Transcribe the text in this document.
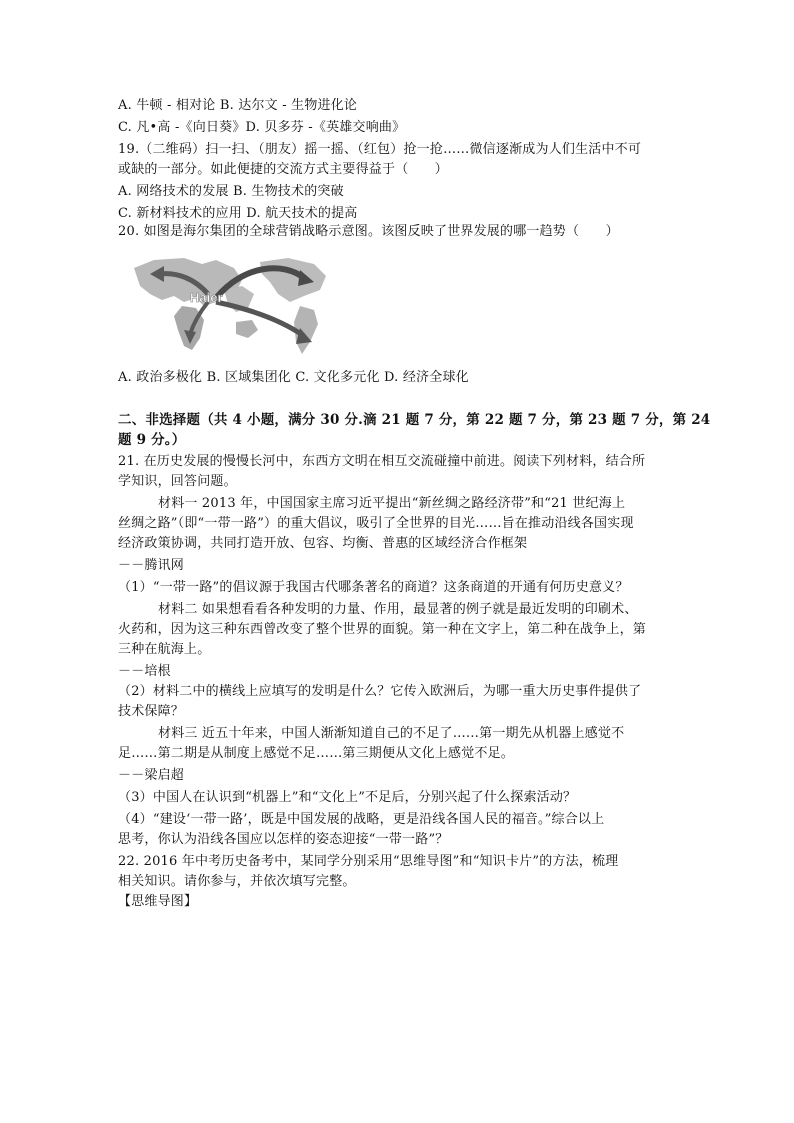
A. 牛顿 - 相对论 B. 达尔文 - 生物进化论
C. 凡•高 -《向日葵》D. 贝多芬 -《英雄交响曲》
19.（二维码）扫一扫、（朋友）摇一摇、（红包）抢一抢……微信逐渐成为人们生活中不可
或缺的一部分。如此便捷的交流方式主要得益于（　　）
A. 网络技术的发展 B. 生物技术的突破
C. 新材料技术的应用 D. 航天技术的提高
20. 如图是海尔集团的全球营销战略示意图。该图反映了世界发展的哪一趋势（　　）
Haier
A. 政治多极化 B. 区域集团化 C. 文化多元化 D. 经济全球化
二、非选择题（共 4 小题，满分 30 分.滴 21 题 7 分，第 22 题 7 分，第 23 题 7 分，第 24
题 9 分。）
21. 在历史发展的慢慢长河中，东西方文明在相互交流碰撞中前进。阅读下列材料，结合所
学知识，回答问题。
材料一 2013 年，中国国家主席习近平提出“新丝绸之路经济带”和“21 世纪海上
丝绸之路”（即“一带一路”）的重大倡议，吸引了全世界的目光……旨在推动沿线各国实现
经济政策协调，共同打造开放、包容、均衡、普惠的区域经济合作框架
－－腾讯网
（1）“一带一路”的倡议源于我国古代哪条著名的商道？这条商道的开通有何历史意义？
材料二 如果想看看各种发明的力量、作用，最显著的例子就是最近发明的印刷术、
火药和，因为这三种东西曾改变了整个世界的面貌。第一种在文字上，第二种在战争上，第
三种在航海上。
－－培根
（2）材料二中的横线上应填写的发明是什么？它传入欧洲后，为哪一重大历史事件提供了
技术保障？
材料三 近五十年来，中国人渐渐知道自己的不足了……第一期先从机器上感觉不
足……第二期是从制度上感觉不足……第三期便从文化上感觉不足。
－－梁启超
（3）中国人在认识到“机器上”和“文化上”不足后，分别兴起了什么探索活动？
（4）“建设‘一带一路’，既是中国发展的战略，更是沿线各国人民的福音。”综合以上
思考，你认为沿线各国应以怎样的姿态迎接“一带一路”？
22. 2016 年中考历史备考中，某同学分别采用“思维导图”和“知识卡片”的方法，梳理
相关知识。请你参与，并依次填写完整。
【思维导图】
